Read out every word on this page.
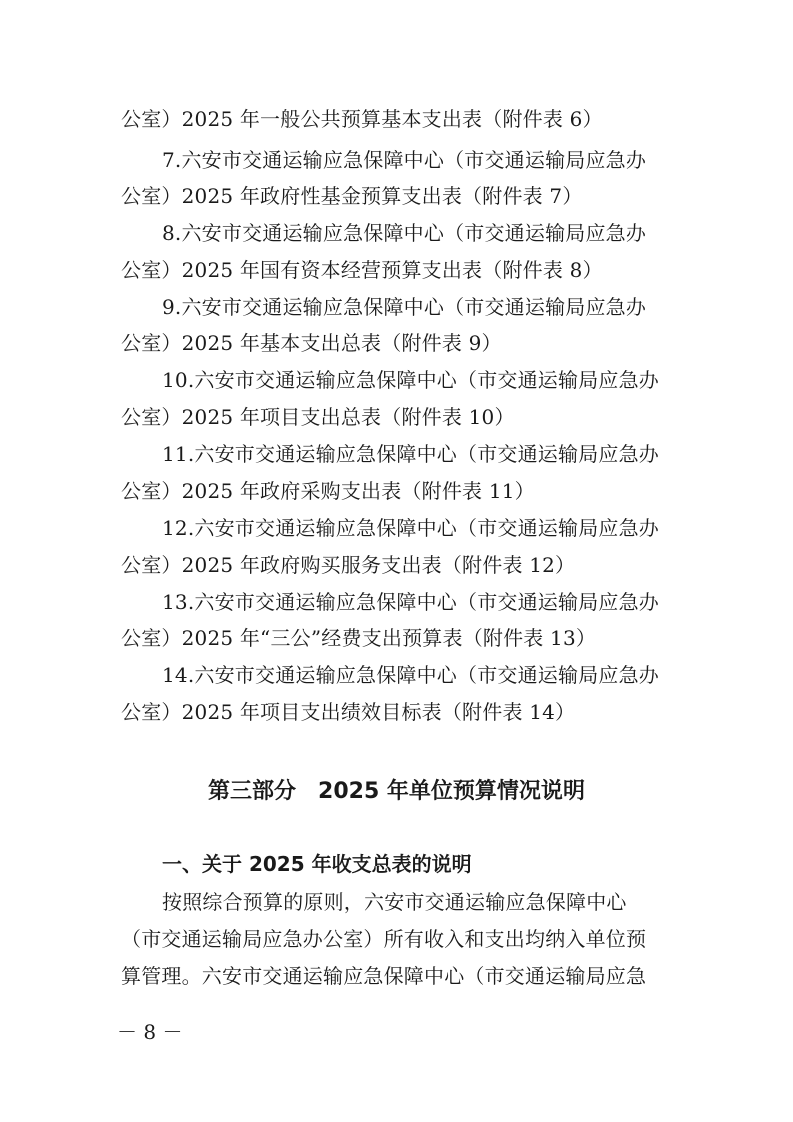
公室）2025 年一般公共预算基本支出表（附件表 6）
7.六安市交通运输应急保障中心（市交通运输局应急办
公室）2025 年政府性基金预算支出表（附件表 7）
8.六安市交通运输应急保障中心（市交通运输局应急办
公室）2025 年国有资本经营预算支出表（附件表 8）
9.六安市交通运输应急保障中心（市交通运输局应急办
公室）2025 年基本支出总表（附件表 9）
10.六安市交通运输应急保障中心（市交通运输局应急办
公室）2025 年项目支出总表（附件表 10）
11.六安市交通运输应急保障中心（市交通运输局应急办
公室）2025 年政府采购支出表（附件表 11）
12.六安市交通运输应急保障中心（市交通运输局应急办
公室）2025 年政府购买服务支出表（附件表 12）
13.六安市交通运输应急保障中心（市交通运输局应急办
公室）2025 年“三公”经费支出预算表（附件表 13）
14.六安市交通运输应急保障中心（市交通运输局应急办
公室）2025 年项目支出绩效目标表（附件表 14）
第三部分　2025 年单位预算情况说明
一、关于 2025 年收支总表的说明
按照综合预算的原则，六安市交通运输应急保障中心
（市交通运输局应急办公室）所有收入和支出均纳入单位预
算管理。六安市交通运输应急保障中心（市交通运输局应急
－ 8 －
